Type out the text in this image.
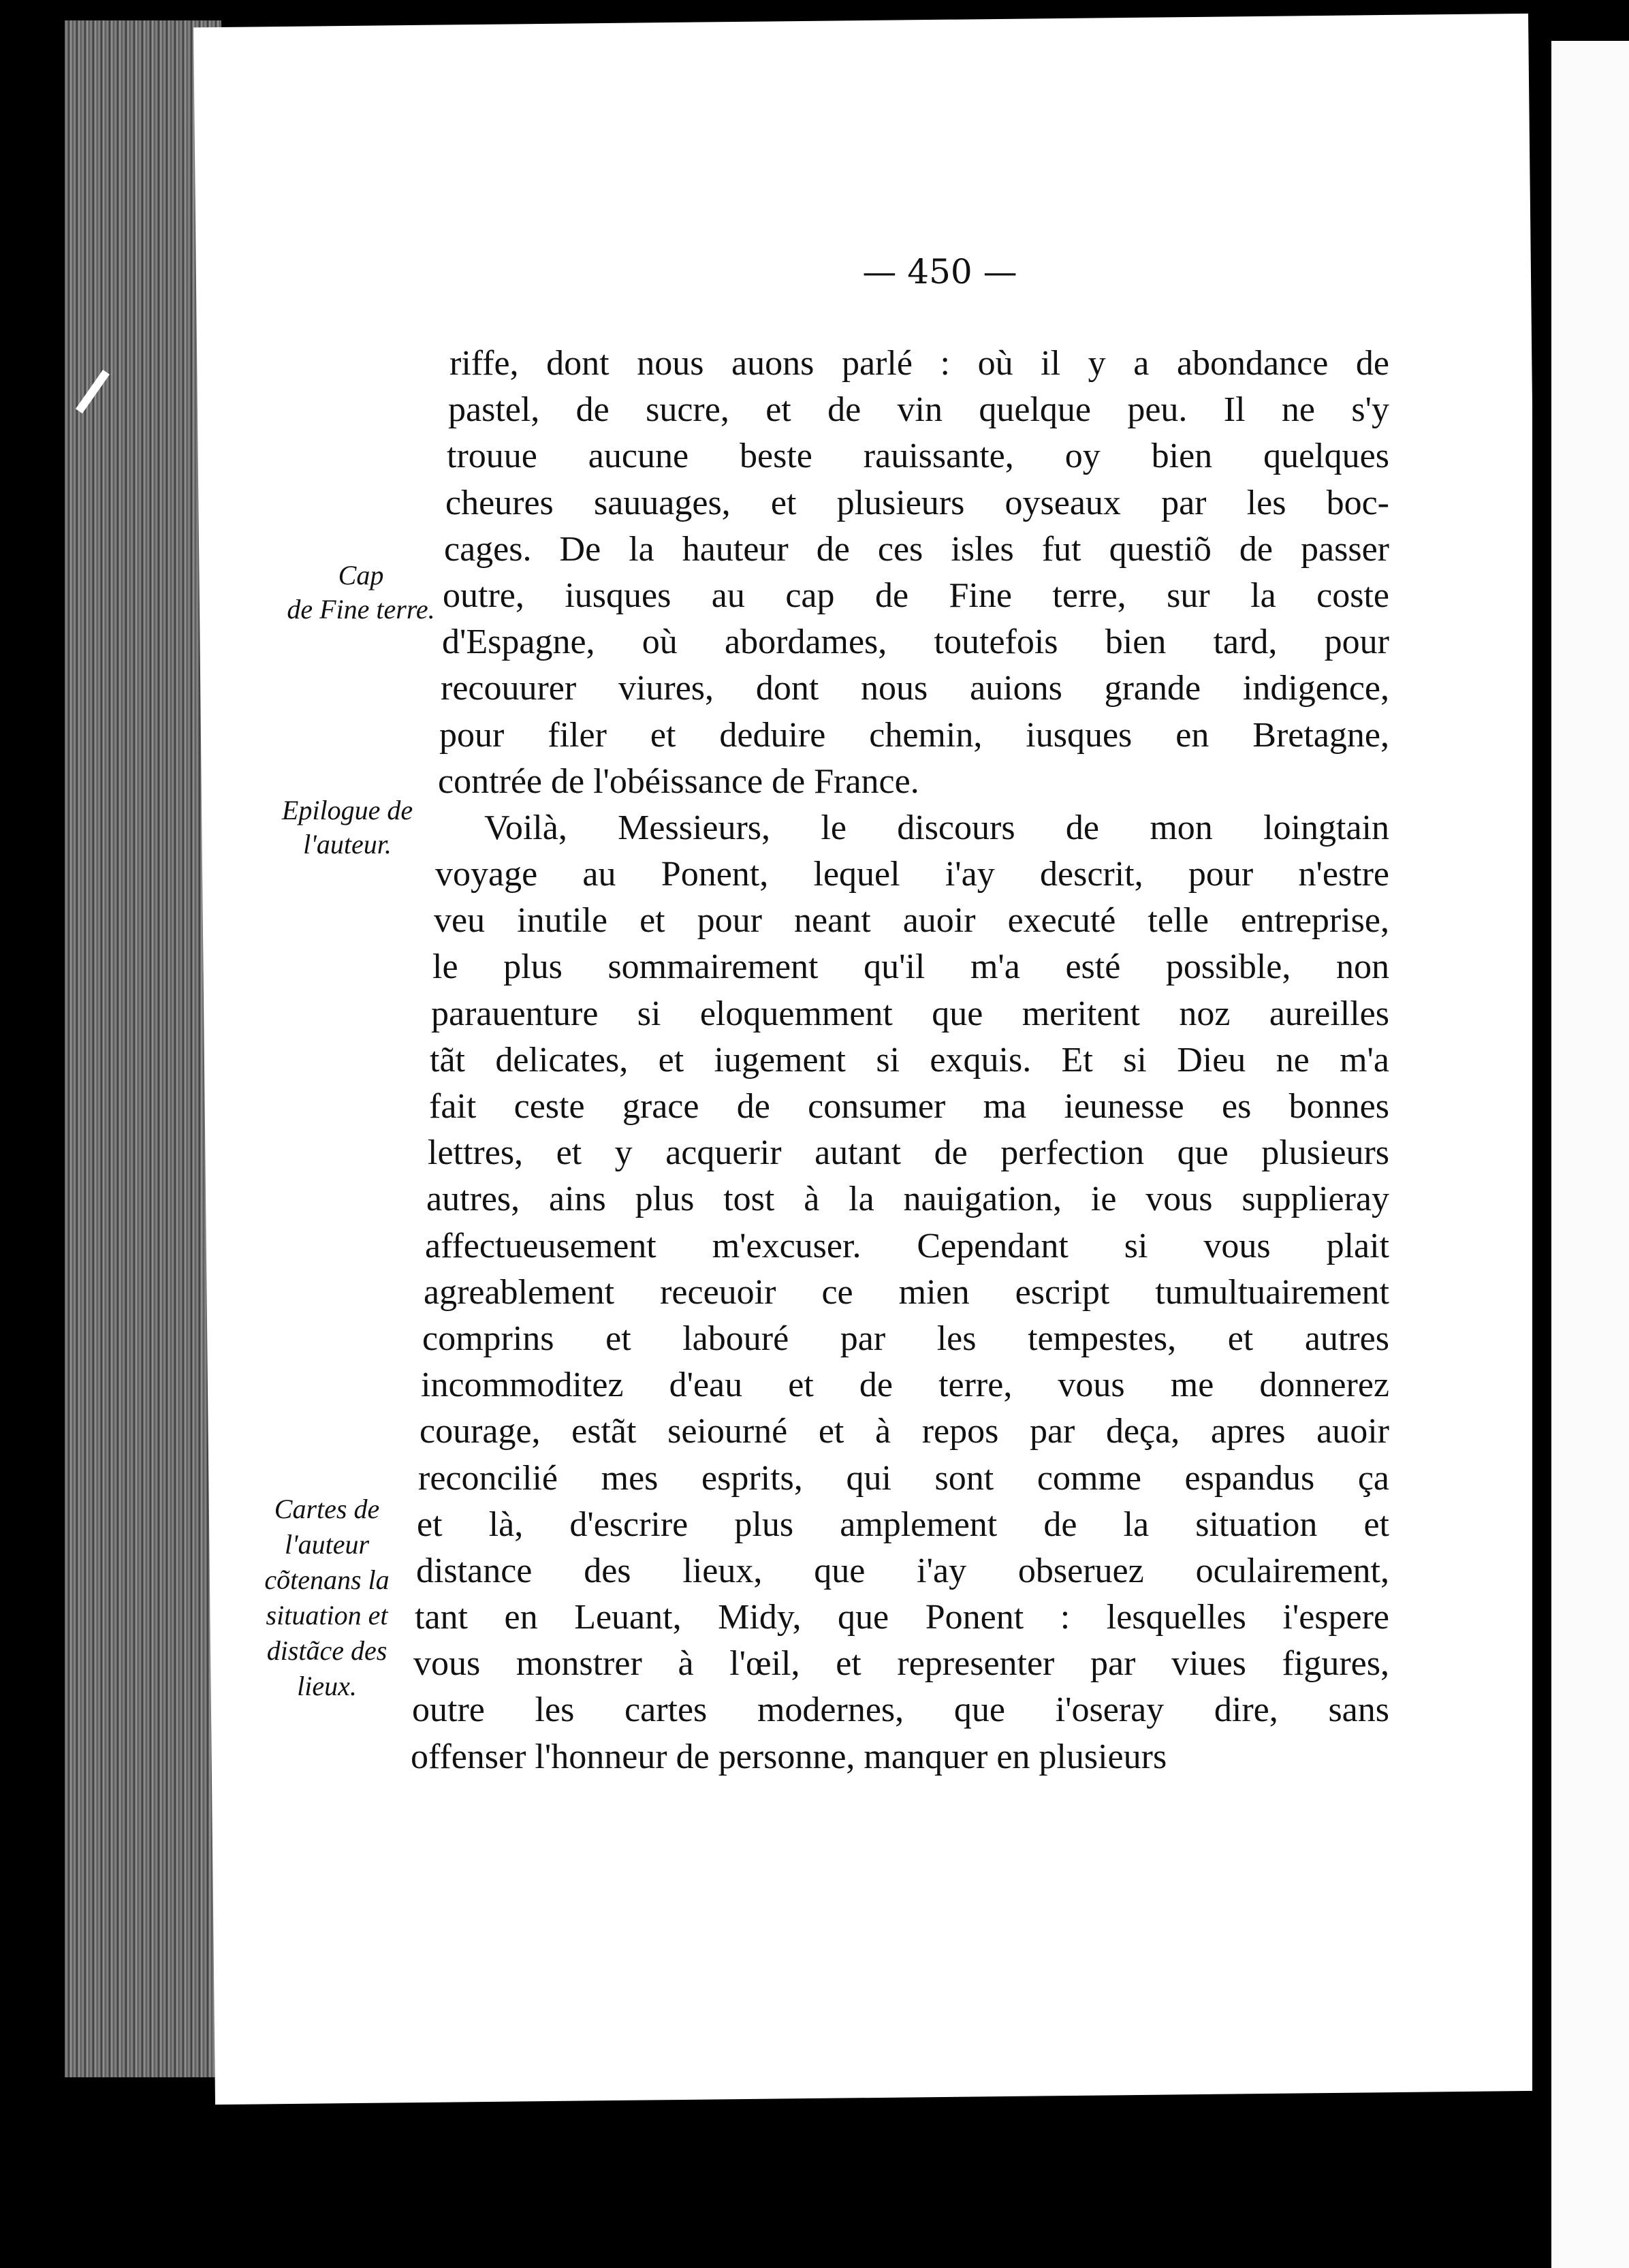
— 450 —
Cap
de Fine terre.
Epilogue de
l'auteur.
Cartes de
l'auteur
cõtenans la
situation et
distãce des
lieux.
riffe, dont nous auons parlé : où il y a abondance de
pastel, de sucre, et de vin quelque peu. Il ne s'y
trouue aucune beste rauissante, oy bien quelques
cheures sauuages, et plusieurs oyseaux par les boc-
cages. De la hauteur de ces isles fut questiõ de passer
outre, iusques au cap de Fine terre, sur la coste
d'Espagne, où abordames, toutefois bien tard, pour
recouurer viures, dont nous auions grande indigence,
pour filer et deduire chemin, iusques en Bretagne,
contrée de l'obéissance de France.
Voilà, Messieurs, le discours de mon loingtain
voyage au Ponent, lequel i'ay descrit, pour n'estre
veu inutile et pour neant auoir executé telle entreprise,
le plus sommairement qu'il m'a esté possible, non
parauenture si eloquemment que meritent noz aureilles
tãt delicates, et iugement si exquis. Et si Dieu ne m'a
fait ceste grace de consumer ma ieunesse es bonnes
lettres, et y acquerir autant de perfection que plusieurs
autres, ains plus tost à la nauigation, ie vous supplieray
affectueusement m'excuser. Cependant si vous plait
agreablement receuoir ce mien escript tumultuairement
comprins et labouré par les tempestes, et autres
incommoditez d'eau et de terre, vous me donnerez
courage, estãt seiourné et à repos par deça, apres auoir
reconcilié mes esprits, qui sont comme espandus ça
et là, d'escrire plus amplement de la situation et
distance des lieux, que i'ay obseruez oculairement,
tant en Leuant, Midy, que Ponent : lesquelles i'espere
vous monstrer à l'œil, et representer par viues figures,
outre les cartes modernes, que i'oseray dire, sans
offenser l'honneur de personne, manquer en plusieurs
